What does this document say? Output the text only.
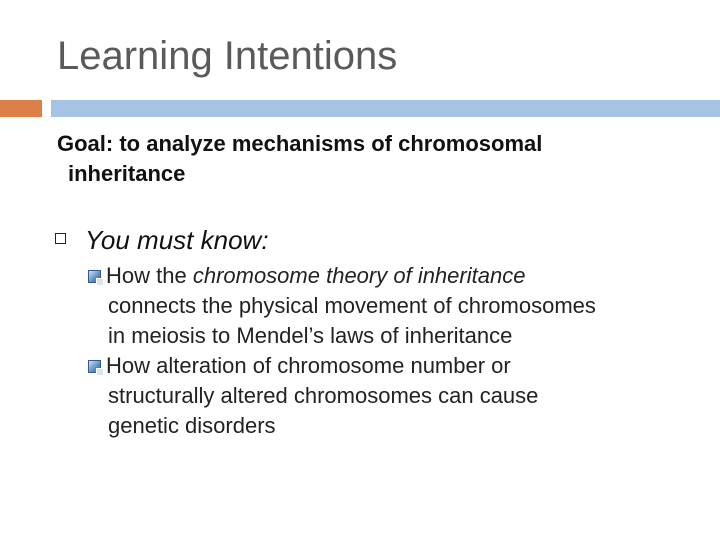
Learning Intentions
Goal: to analyze mechanisms of chromosomal
inheritance
You must know:
How the chromosome theory of inheritance
connects the physical movement of chromosomes
in meiosis to Mendel’s laws of inheritance
How alteration of chromosome number or
structurally altered chromosomes can cause
genetic disorders
